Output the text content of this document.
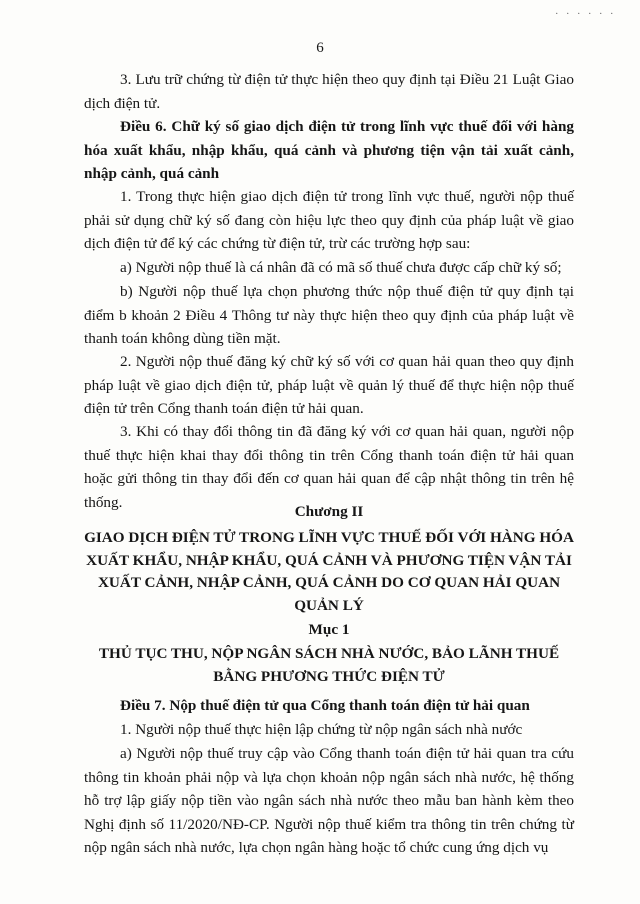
. . . . . .
6

3. Lưu trữ chứng từ điện tử thực hiện theo quy định tại Điều 21 Luật Giao dịch điện tử.

Điều 6. Chữ ký số giao dịch điện tử trong lĩnh vực thuế đối với hàng hóa xuất khẩu, nhập khẩu, quá cảnh và phương tiện vận tải xuất cảnh, nhập cảnh, quá cảnh

1. Trong thực hiện giao dịch điện tử trong lĩnh vực thuế, người nộp thuế phải sử dụng chữ ký số đang còn hiệu lực theo quy định của pháp luật về giao dịch điện tử để ký các chứng từ điện tử, trừ các trường hợp sau:

a) Người nộp thuế là cá nhân đã có mã số thuế chưa được cấp chữ ký số;

b) Người nộp thuế lựa chọn phương thức nộp thuế điện tử quy định tại điểm b khoản 2 Điều 4 Thông tư này thực hiện theo quy định của pháp luật về thanh toán không dùng tiền mặt.

2. Người nộp thuế đăng ký chữ ký số với cơ quan hải quan theo quy định pháp luật về giao dịch điện tử, pháp luật về quản lý thuế để thực hiện nộp thuế điện tử trên Cổng thanh toán điện tử hải quan.

3. Khi có thay đổi thông tin đã đăng ký với cơ quan hải quan, người nộp thuế thực hiện khai thay đổi thông tin trên Cổng thanh toán điện tử hải quan hoặc gửi thông tin thay đổi đến cơ quan hải quan để cập nhật thông tin trên hệ thống.

Chương II

GIAO DỊCH ĐIỆN TỬ TRONG LĨNH VỰC THUẾ ĐỐI VỚI HÀNG HÓA XUẤT KHẨU, NHẬP KHẨU, QUÁ CẢNH VÀ PHƯƠNG TIỆN VẬN TẢI XUẤT CẢNH, NHẬP CẢNH, QUÁ CẢNH DO CƠ QUAN HẢI QUAN QUẢN LÝ

Mục 1

THỦ TỤC THU, NỘP NGÂN SÁCH NHÀ NƯỚC, BẢO LÃNH THUẾ BẰNG PHƯƠNG THỨC ĐIỆN TỬ

Điều 7. Nộp thuế điện tử qua Cổng thanh toán điện tử hải quan

1. Người nộp thuế thực hiện lập chứng từ nộp ngân sách nhà nước

a) Người nộp thuế truy cập vào Cổng thanh toán điện tử hải quan tra cứu thông tin khoản phải nộp và lựa chọn khoản nộp ngân sách nhà nước, hệ thống hỗ trợ lập giấy nộp tiền vào ngân sách nhà nước theo mẫu ban hành kèm theo Nghị định số 11/2020/NĐ-CP. Người nộp thuế kiểm tra thông tin trên chứng từ nộp ngân sách nhà nước, lựa chọn ngân hàng hoặc tổ chức cung ứng dịch vụ
